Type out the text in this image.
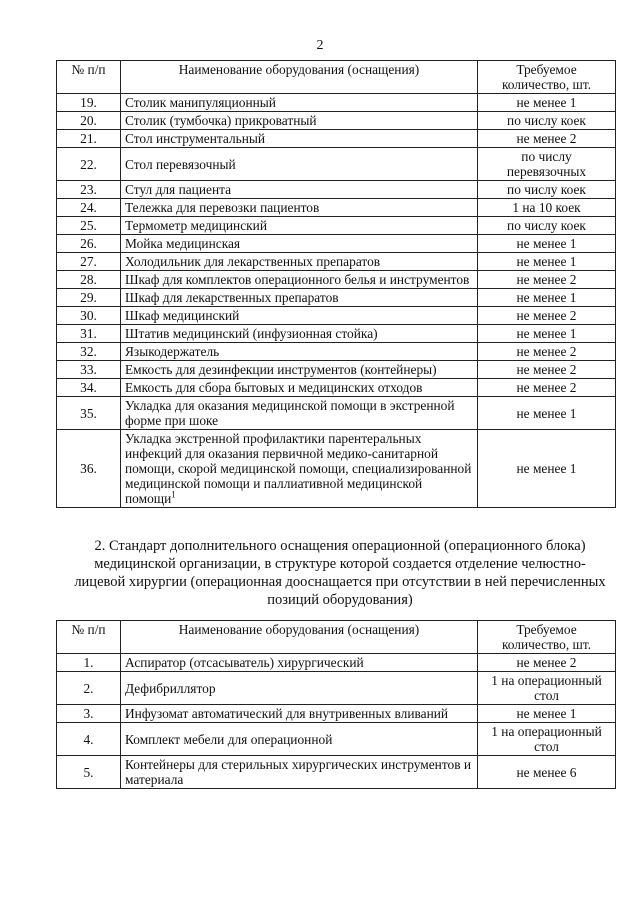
2
№ п/п	Наименование оборудования (оснащения)	Требуемое количество, шт.
19.	Столик манипуляционный	не менее 1
20.	Столик (тумбочка) прикроватный	по числу коек
21.	Стол инструментальный	не менее 2
22.	Стол перевязочный	по числу перевязочных
23.	Стул для пациента	по числу коек
24.	Тележка для перевозки пациентов	1 на 10 коек
25.	Термометр медицинский	по числу коек
26.	Мойка медицинская	не менее 1
27.	Холодильник для лекарственных препаратов	не менее 1
28.	Шкаф для комплектов операционного белья и инструментов	не менее 2
29.	Шкаф для лекарственных препаратов	не менее 1
30.	Шкаф медицинский	не менее 2
31.	Штатив медицинский (инфузионная стойка)	не менее 1
32.	Языкодержатель	не менее 2
33.	Емкость для дезинфекции инструментов (контейнеры)	не менее 2
34.	Емкость для сбора бытовых и медицинских отходов	не менее 2
35.	Укладка для оказания медицинской помощи в экстренной форме при шоке	не менее 1
36.	Укладка экстренной профилактики парентеральных инфекций для оказания первичной медико-санитарной помощи, скорой медицинской помощи, специализированной медицинской помощи и паллиативной медицинской помощи$^1$	не менее 1
2. Стандарт дополнительного оснащения операционной (операционного блока) медицинской организации, в структуре которой создается отделение челюстно-лицевой хирургии (операционная дооснащается при отсутствии в ней перечисленных позиций оборудования)
№ п/п	Наименование оборудования (оснащения)	Требуемое количество, шт.
1.	Аспиратор (отсасыватель) хирургический	не менее 2
2.	Дефибриллятор	1 на операционный стол
3.	Инфузомат автоматический для внутривенных вливаний	не менее 1
4.	Комплект мебели для операционной	1 на операционный стол
5.	Контейнеры для стерильных хирургических инструментов и материала	не менее 6
